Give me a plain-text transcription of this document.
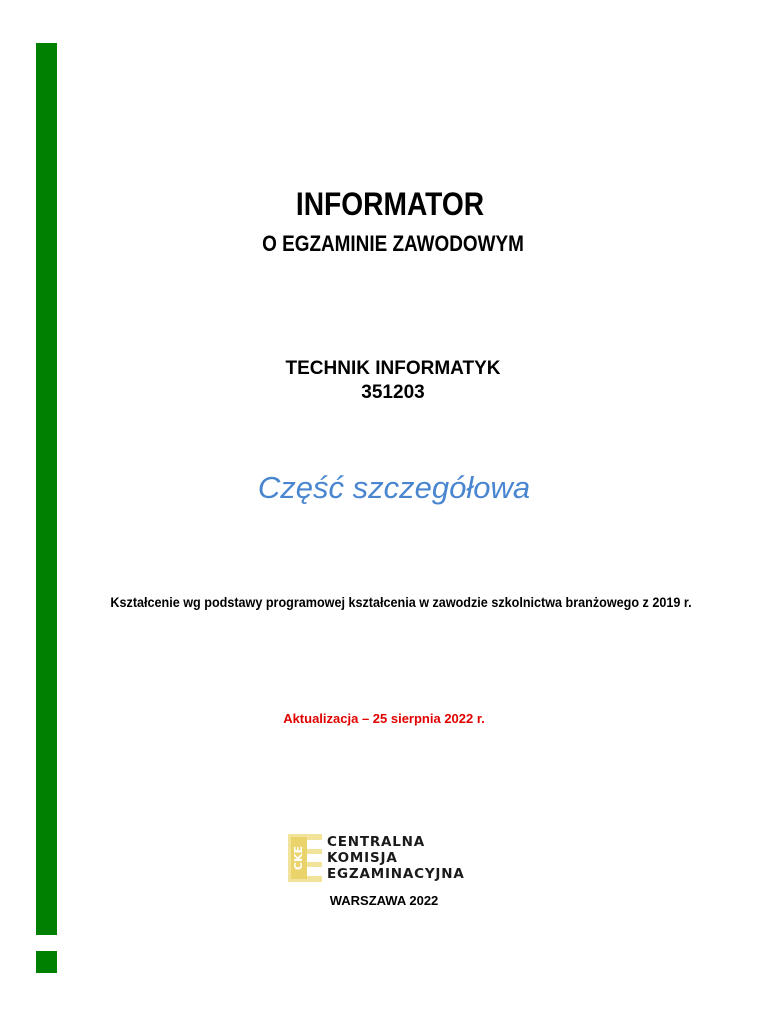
INFORMATOR
O EGZAMINIE ZAWODOWYM
TECHNIK INFORMATYK
351203
Część szczegółowa
Kształcenie wg podstawy programowej kształcenia w zawodzie szkolnictwa branżowego z 2019 r.
Aktualizacja – 25 sierpnia 2022 r.
CKE
CENTRALNA
KOMISJA
EGZAMINACYJNA
WARSZAWA 2022
